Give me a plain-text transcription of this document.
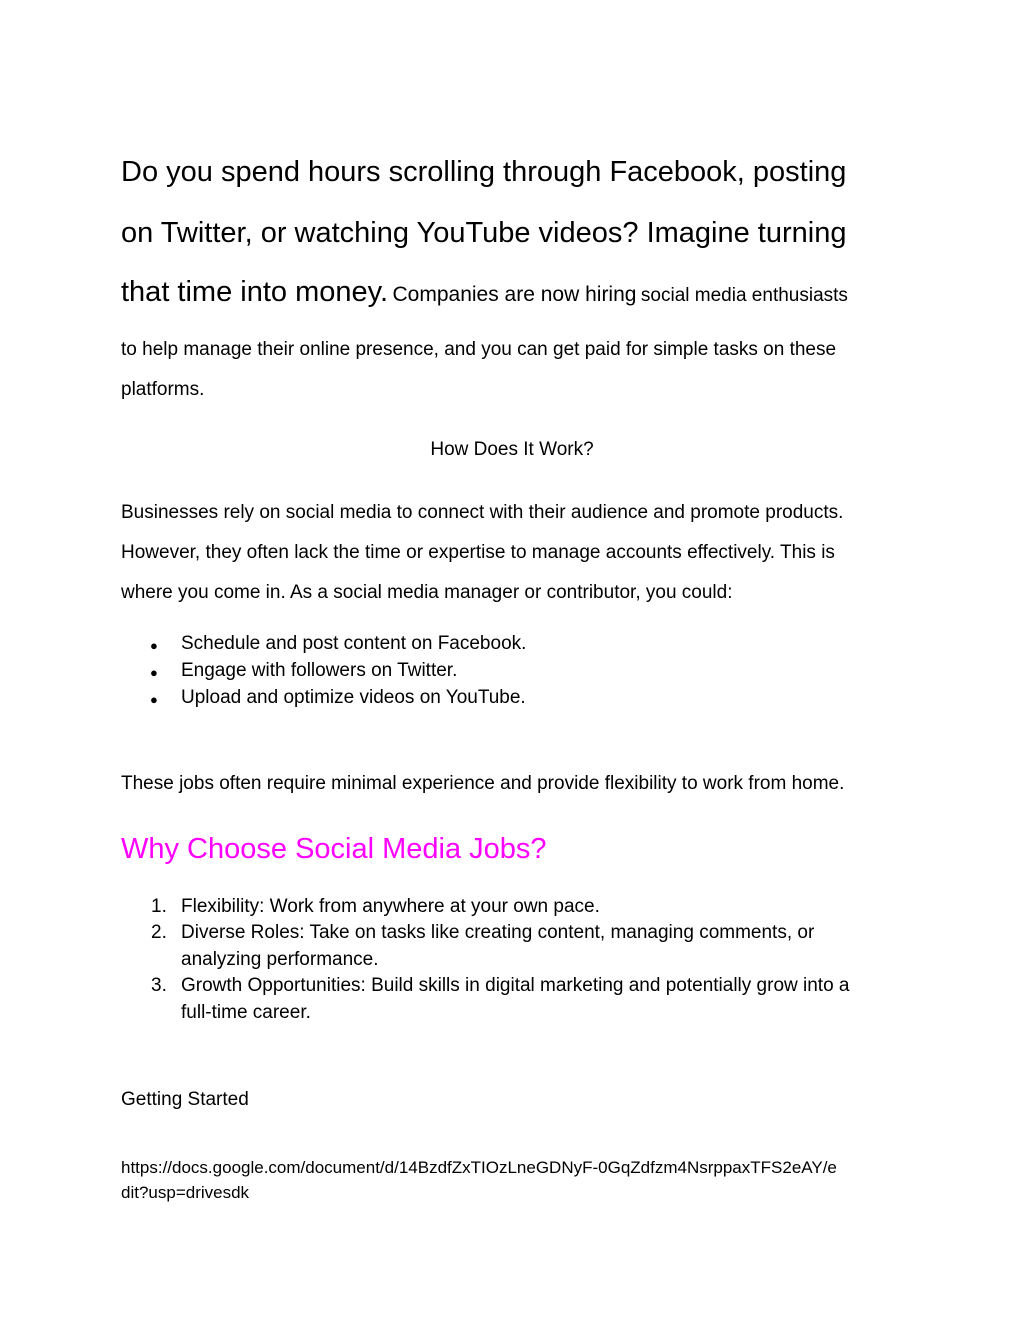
Do you spend hours scrolling through Facebook, posting
on Twitter, or watching YouTube videos? Imagine turning
that time into money. Companies are now hiring social media enthusiasts
to help manage their online presence, and you can get paid for simple tasks on these
platforms.
How Does It Work?
Businesses rely on social media to connect with their audience and promote products.
However, they often lack the time or expertise to manage accounts effectively. This is
where you come in. As a social media manager or contributor, you could:
● Schedule and post content on Facebook.
● Engage with followers on Twitter.
● Upload and optimize videos on YouTube.
These jobs often require minimal experience and provide flexibility to work from home.
Why Choose Social Media Jobs?
1. Flexibility: Work from anywhere at your own pace.
2. Diverse Roles: Take on tasks like creating content, managing comments, or
analyzing performance.
3. Growth Opportunities: Build skills in digital marketing and potentially grow into a
full-time career.
Getting Started
https://docs.google.com/document/d/14BzdfZxTIOzLneGDNyF-0GqZdfzm4NsrppaxTFS2eAY/e
dit?usp=drivesdk
